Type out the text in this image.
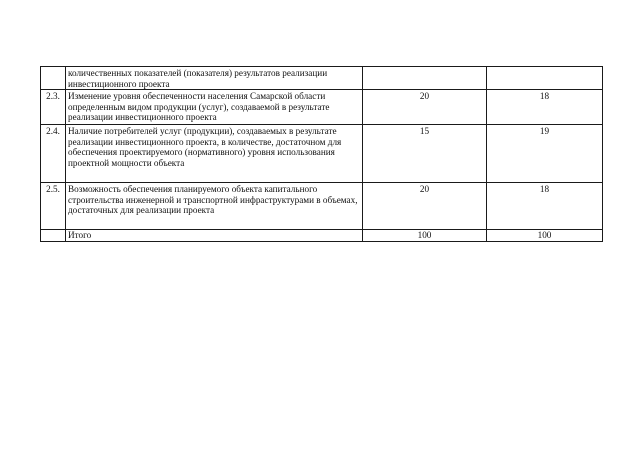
	количественных показателей (показателя) результатов реализации инвестиционного проекта		
2.3.	Изменение уровня обеспеченности населения Самарской области определенным видом продукции (услуг), создаваемой в результате реализации инвестиционного проекта	20	18
2.4.	Наличие потребителей услуг (продукции), создаваемых в результате реализации инвестиционного проекта, в количестве, достаточном для обеспечения проектируемого (нормативного) уровня использования проектной мощности объекта	15	19
2.5.	Возможность обеспечения планируемого объекта капитального строительства инженерной и транспортной инфраструктурами в объемах, достаточных для реализации проекта	20	18
	Итого	100	100
